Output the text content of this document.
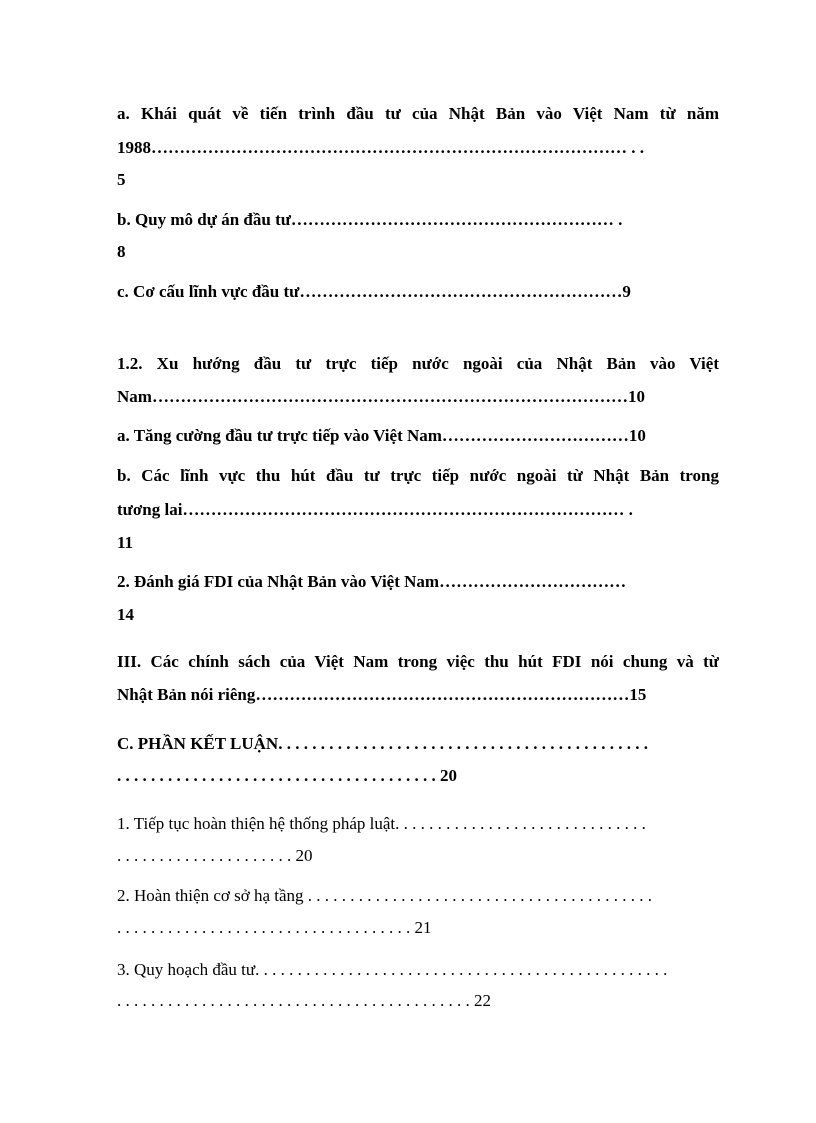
a. Khái quát về tiến trình đầu tư của Nhật Bản vào Việt Nam từ năm
1988………………………………………………………………………… . .
5
b. Quy mô dự án đầu tư………………………………………………… .
8
c. Cơ cấu lĩnh vực đầu tư…………………………………………………9
1.2. Xu hướng đầu tư trực tiếp nước ngoài của Nhật Bản vào Việt
Nam…………………………………………………………………………10
a. Tăng cường đầu tư trực tiếp vào Việt Nam……………………………10
b. Các lĩnh vực thu hút đầu tư trực tiếp nước ngoài từ Nhật Bản trong
tương lai…………………………………………………………………… .
11
2. Đánh giá FDI của Nhật Bản vào Việt Nam……………………………
14
III. Các chính sách của Việt Nam trong việc thu hút FDI nói chung và từ
Nhật Bản nói riêng…………………………………………………………15
C. PHẦN KẾT LUẬN. . . . . . . . . . . . . . . . . . . . . . . . . . . . . . . . . . . . . . . . . . . .
. . . . . . . . . . . . . . . . . . . . . . . . . . . . . . . . . . . . . . 20
1. Tiếp tục hoàn thiện hệ thống pháp luật. . . . . . . . . . . . . . . . . . . . . . . . . . . . . .
. . . . . . . . . . . . . . . . . . . . . 20
2. Hoàn thiện cơ sở hạ tầng . . . . . . . . . . . . . . . . . . . . . . . . . . . . . . . . . . . . . . . . .
. . . . . . . . . . . . . . . . . . . . . . . . . . . . . . . . . . . 21
3. Quy hoạch đầu tư. . . . . . . . . . . . . . . . . . . . . . . . . . . . . . . . . . . . . . . . . . . . . . . . .
. . . . . . . . . . . . . . . . . . . . . . . . . . . . . . . . . . . . . . . . . . 22
